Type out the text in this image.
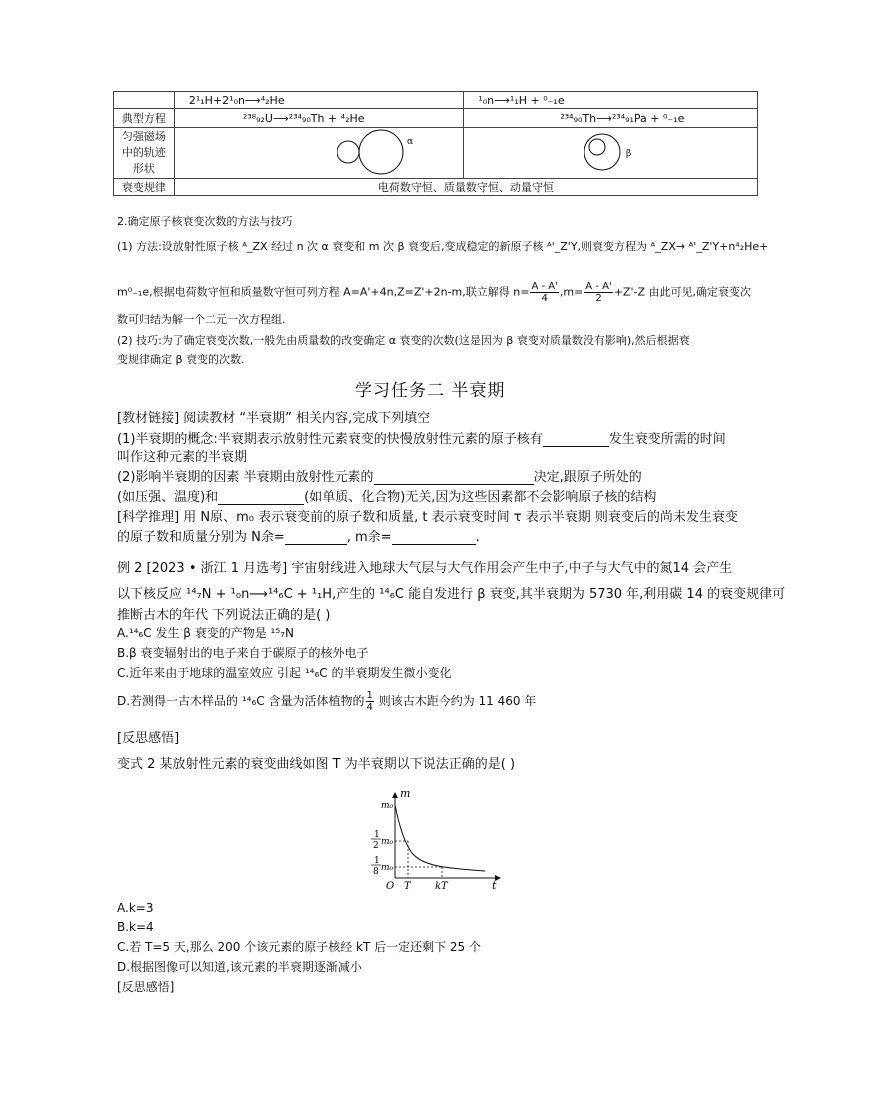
	2¹₁H+2¹₀n⟶⁴₂He	¹₀n⟶¹₁H + ⁰₋₁e
典型方程	²³⁸₉₂U⟶²³⁴₉₀Th + ⁴₂He	²³⁴₉₀Th⟶²³⁴₉₁Pa + ⁰₋₁e
匀强磁场中的轨迹形状	α	β

衰变规律	电荷数守恒、质量数守恒、动量守恒	
2.确定原子核衰变次数的方法与技巧
(1) 方法:设放射性原子核 ᴬ_ZX 经过 n 次 α 衰变和 m 次 β 衰变后,变成稳定的新原子核 ᴬ'_Z'Y,则衰变方程为 ᴬ_ZX→ ᴬ'_Z'Y+n⁴₂He+
m⁰₋₁e,根据电荷数守恒和质量数守恒可列方程 A=A'+4n,Z=Z'+2n-m,联立解得 $n= \frac{A - A'}{4} ,m= \frac{A - A'}{2} +Z'-Z$ 由此可见,确定衰变次
数可归结为解一个二元一次方程组.
(2) 技巧:为了确定衰变次数,一般先由质量数的改变确定 α 衰变的次数(这是因为 β 衰变对质量数没有影响),然后根据衰
变规律确定 β 衰变的次数.
学习任务二 半衰期
[教材链接] 阅读教材 “半衰期” 相关内容,完成下列填空
(1)半衰期的概念:半衰期表示放射性元素衰变的快慢放射性元素的原子核有	发生衰变所需的时间
叫作这种元素的半衰期
(2)影响半衰期的因素 半衰期由放射性元素的	决定,跟原子所处的
(如压强、温度)和	(如单质、化合物)无关,因为这些因素都不会影响原子核的结构
[科学推理] 用 N原、m₀ 表示衰变前的原子数和质量, t 表示衰变时间 τ 表示半衰期 则衰变后的尚未发生衰变
的原子数和质量分别为 N余=	, m余=	.
例 2 [2023 • 浙江 1 月选考] 宇宙射线进入地球大气层与大气作用会产生中子,中子与大气中的氮14 会产生
以下核反应 ¹⁴₇N + ¹₀n⟶¹⁴₆C + ¹₁H,产生的 ¹⁴₆C 能自发进行 β 衰变,其半衰期为 5730 年,利用碳 14 的衰变规律可
推断古木的年代 下列说法正确的是( )
A.¹⁴₆C 发生 β 衰变的产物是 ¹⁵₇N
B.β 衰变辐射出的电子来自于碳原子的核外电子
C.近年来由于地球的温室效应 引起 ¹⁴₆C 的半衰期发生微小变化
D.若测得一古木样品的 ¹⁴₆C 含量为活体植物的 $\frac{1}{4}$ 则该古木距今约为 11 460 年
[反思感悟]
变式 2 某放射性元素的衰变曲线如图 T 为半衰期以下说法正确的是( )
m
t
O
m₀
1
2 m₀
1
8 m₀
T kT
A.k=3
B.k=4
C.若 T=5 天,那么 200 个该元素的原子核经 kT 后一定还剩下 25 个
D.根据图像可以知道,该元素的半衰期逐渐减小
[反思感悟]
